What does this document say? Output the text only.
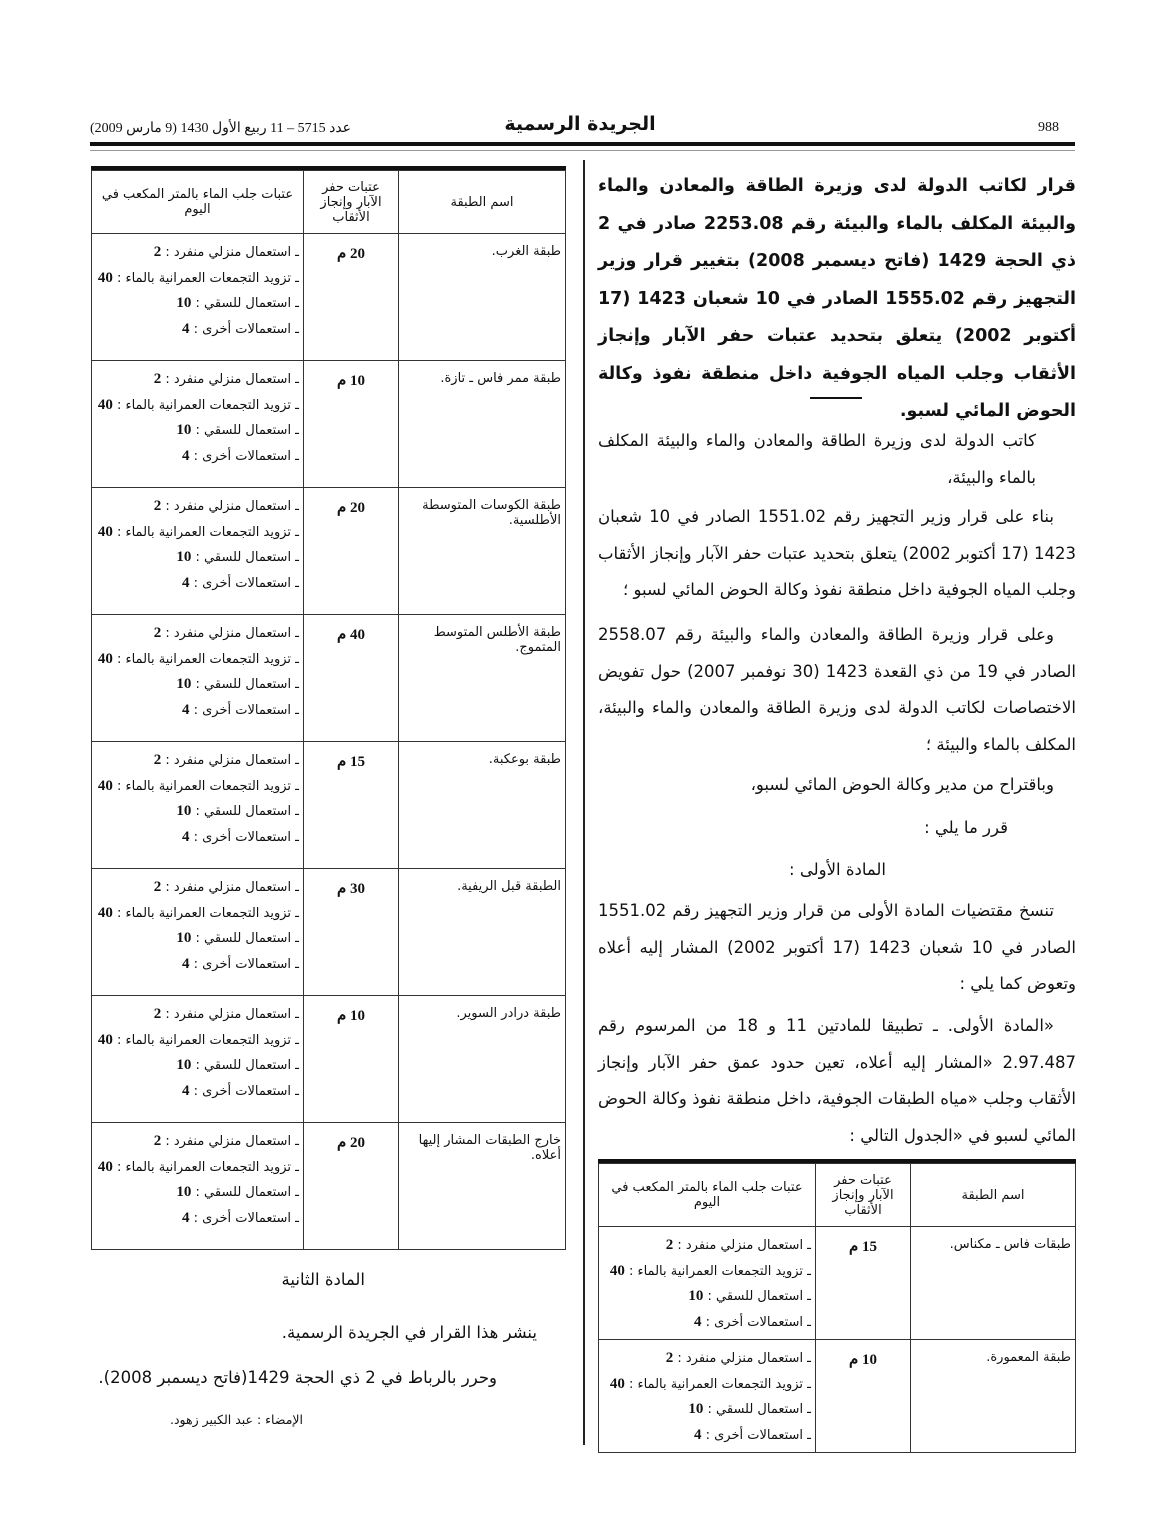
988
الجريدة الرسمية
عدد 5715 – 11 ربيع الأول 1430 (9 مارس 2009)
قرار لكاتب الدولة لدى وزيرة الطاقة والمعادن والماء والبيئة المكلف بالماء والبيئة رقم 2253.08 صادر في 2 ذي الحجة 1429 (فاتح ديسمبر 2008) بتغيير قرار وزير التجهيز رقم 1555.02 الصادر في 10 شعبان 1423 (17 أكتوبر 2002) يتعلق بتحديد عتبات حفر الآبار وإنجاز الأثقاب وجلب المياه الجوفية داخل منطقة نفوذ وكالة الحوض المائي لسبو.
كاتب الدولة لدى وزيرة الطاقة والمعادن والماء والبيئة المكلف بالماء والبيئة،
بناء على قرار وزير التجهيز رقم 1551.02 الصادر في 10 شعبان 1423 (17 أكتوبر 2002) يتعلق بتحديد عتبات حفر الآبار وإنجاز الأثقاب وجلب المياه الجوفية داخل منطقة نفوذ وكالة الحوض المائي لسبو ؛
وعلى قرار وزيرة الطاقة والمعادن والماء والبيئة رقم 2558.07 الصادر في 19 من ذي القعدة 1423 (30 نوفمبر 2007) حول تفويض الاختصاصات لكاتب الدولة لدى وزيرة الطاقة والمعادن والماء والبيئة، المكلف بالماء والبيئة ؛
وباقتراح من مدير وكالة الحوض المائي لسبو،
قرر ما يلي :
المادة الأولى :
تنسخ مقتضيات المادة الأولى من قرار وزير التجهيز رقم 1551.02 الصادر في 10 شعبان 1423 (17 أكتوبر 2002) المشار إليه أعلاه وتعوض كما يلي :
«المادة الأولى. ـ تطبيقا للمادتين 11 و 18 من المرسوم رقم 2.97.487 «المشار إليه أعلاه، تعين حدود عمق حفر الآبار وإنجاز الأثقاب وجلب «مياه الطبقات الجوفية، داخل منطقة نفوذ وكالة الحوض المائي لسبو في «الجدول التالي :
اسم الطبقة	عتبات حفر الآبار وإنجاز الأثقاب	عتبات جلب الماء بالمتر المكعب في اليوم
طبقات فاس ـ مكناس.	15 م	ـ استعمال منزلي منفرد : 2
ـ تزويد التجمعات العمرانية بالماء : 40
ـ استعمال للسقي : 10
ـ استعمالات أخرى : 4

طبقة المعمورة.	10 م	ـ استعمال منزلي منفرد : 2
ـ تزويد التجمعات العمرانية بالماء : 40
ـ استعمال للسقي : 10
ـ استعمالات أخرى : 4
اسم الطبقة	عتبات حفر الآبار وإنجاز الأثقاب	عتبات جلب الماء بالمتر المكعب في اليوم
طبقة الغرب.	20 م	ـ استعمال منزلي منفرد : 2
ـ تزويد التجمعات العمرانية بالماء : 40
ـ استعمال للسقي : 10
ـ استعمالات أخرى : 4

طبقة ممر فاس ـ تازة.	10 م	ـ استعمال منزلي منفرد : 2
ـ تزويد التجمعات العمرانية بالماء : 40
ـ استعمال للسقي : 10
ـ استعمالات أخرى : 4

طبقة الكوسات المتوسطة الأطلسية.	20 م	ـ استعمال منزلي منفرد : 2
ـ تزويد التجمعات العمرانية بالماء : 40
ـ استعمال للسقي : 10
ـ استعمالات أخرى : 4

طبقة الأطلس المتوسط المتموج.	40 م	ـ استعمال منزلي منفرد : 2
ـ تزويد التجمعات العمرانية بالماء : 40
ـ استعمال للسقي : 10
ـ استعمالات أخرى : 4

طبقة بوعكبة.	15 م	ـ استعمال منزلي منفرد : 2
ـ تزويد التجمعات العمرانية بالماء : 40
ـ استعمال للسقي : 10
ـ استعمالات أخرى : 4

الطبقة قبل الريفية.	30 م	ـ استعمال منزلي منفرد : 2
ـ تزويد التجمعات العمرانية بالماء : 40
ـ استعمال للسقي : 10
ـ استعمالات أخرى : 4

طبقة درادر السوير.	10 م	ـ استعمال منزلي منفرد : 2
ـ تزويد التجمعات العمرانية بالماء : 40
ـ استعمال للسقي : 10
ـ استعمالات أخرى : 4

خارج الطبقات المشار إليها أعلاه.	20 م	ـ استعمال منزلي منفرد : 2
ـ تزويد التجمعات العمرانية بالماء : 40
ـ استعمال للسقي : 10
ـ استعمالات أخرى : 4
المادة الثانية
ينشر هذا القرار في الجريدة الرسمية.
وحرر بالرباط في 2 ذي الحجة 1429(فاتح ديسمبر 2008).
الإمضاء : عبد الكبير زهود.
